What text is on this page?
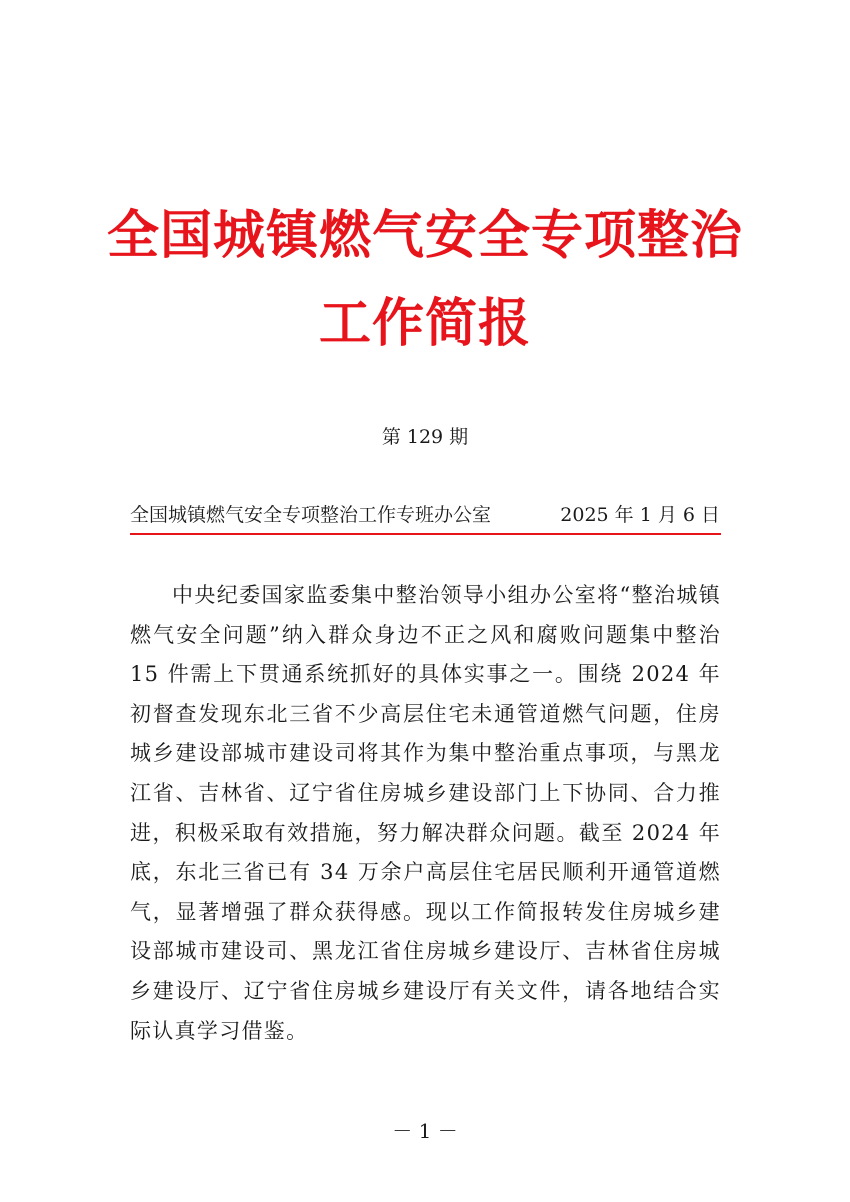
全国城镇燃气安全专项整治
工作简报
第 129 期
全国城镇燃气安全专项整治工作专班办公室	2025 年 1 月 6 日

中央纪委国家监委集中整治领导小组办公室将“整治城镇燃气安全问题”纳入群众身边不正之风和腐败问题集中整治 15 件需上下贯通系统抓好的具体实事之一。围绕 2024 年初督查发现东北三省不少高层住宅未通管道燃气问题，住房城乡建设部城市建设司将其作为集中整治重点事项，与黑龙江省、吉林省、辽宁省住房城乡建设部门上下协同、合力推进，积极采取有效措施，努力解决群众问题。截至 2024 年底，东北三省已有 34 万余户高层住宅居民顺利开通管道燃气，显著增强了群众获得感。现以工作简报转发住房城乡建设部城市建设司、黑龙江省住房城乡建设厅、吉林省住房城乡建设厅、辽宁省住房城乡建设厅有关文件，请各地结合实际认真学习借鉴。

－ 1 －
